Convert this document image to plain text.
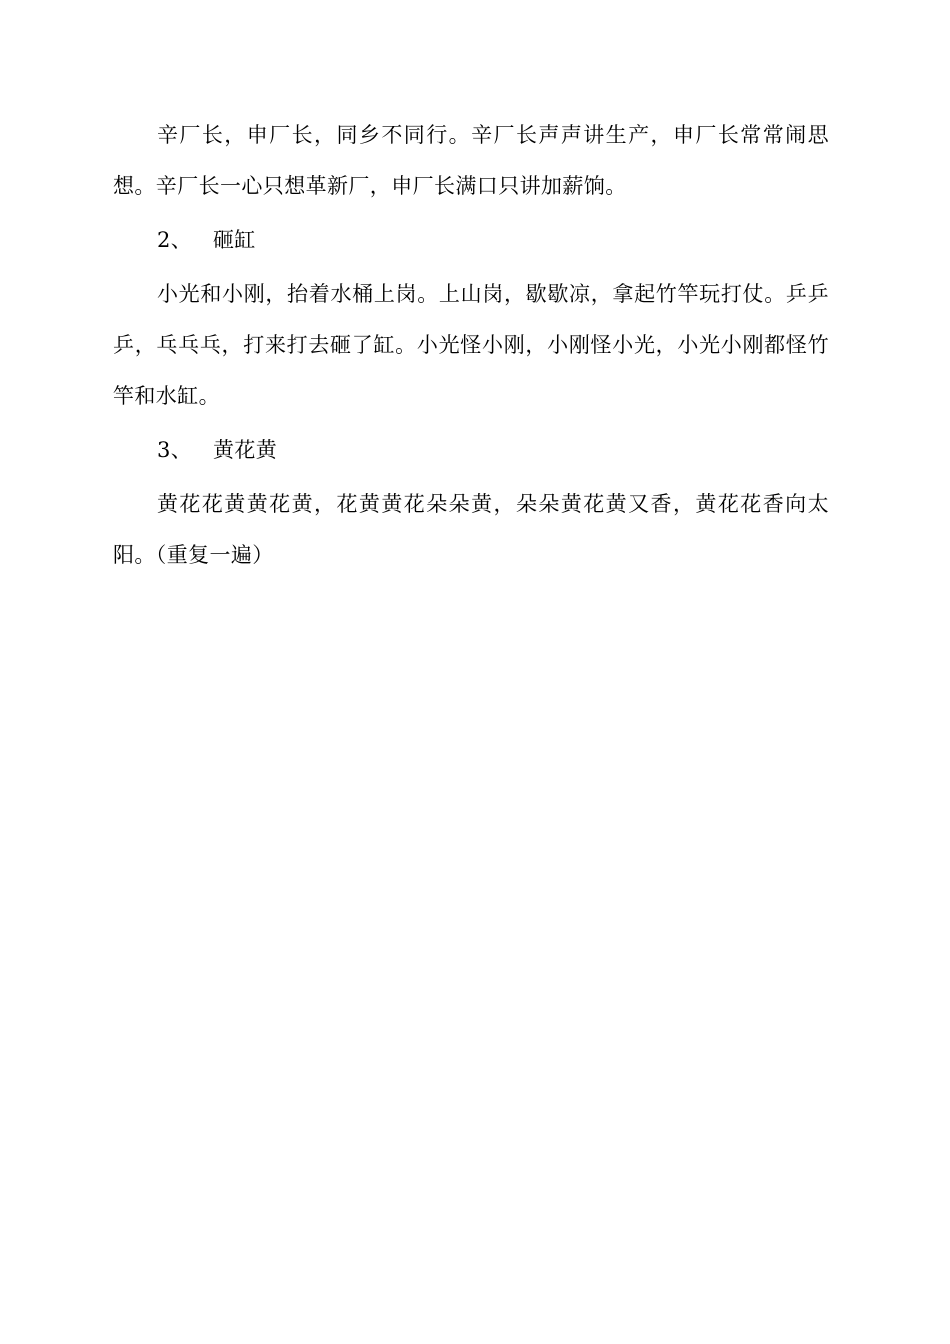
辛厂长，申厂长，同乡不同行。辛厂长声声讲生产，申厂长常常闹思想。辛厂长一心只想革新厂，申厂长满口只讲加薪饷。

2、 砸缸

小光和小刚，抬着水桶上岗。上山岗，歇歇凉，拿起竹竿玩打仗。乒乒乒，乓乓乓，打来打去砸了缸。小光怪小刚，小刚怪小光，小光小刚都怪竹竿和水缸。

3、 黄花黄

黄花花黄黄花黄，花黄黄花朵朵黄，朵朵黄花黄又香，黄花花香向太阳。（重复一遍）
